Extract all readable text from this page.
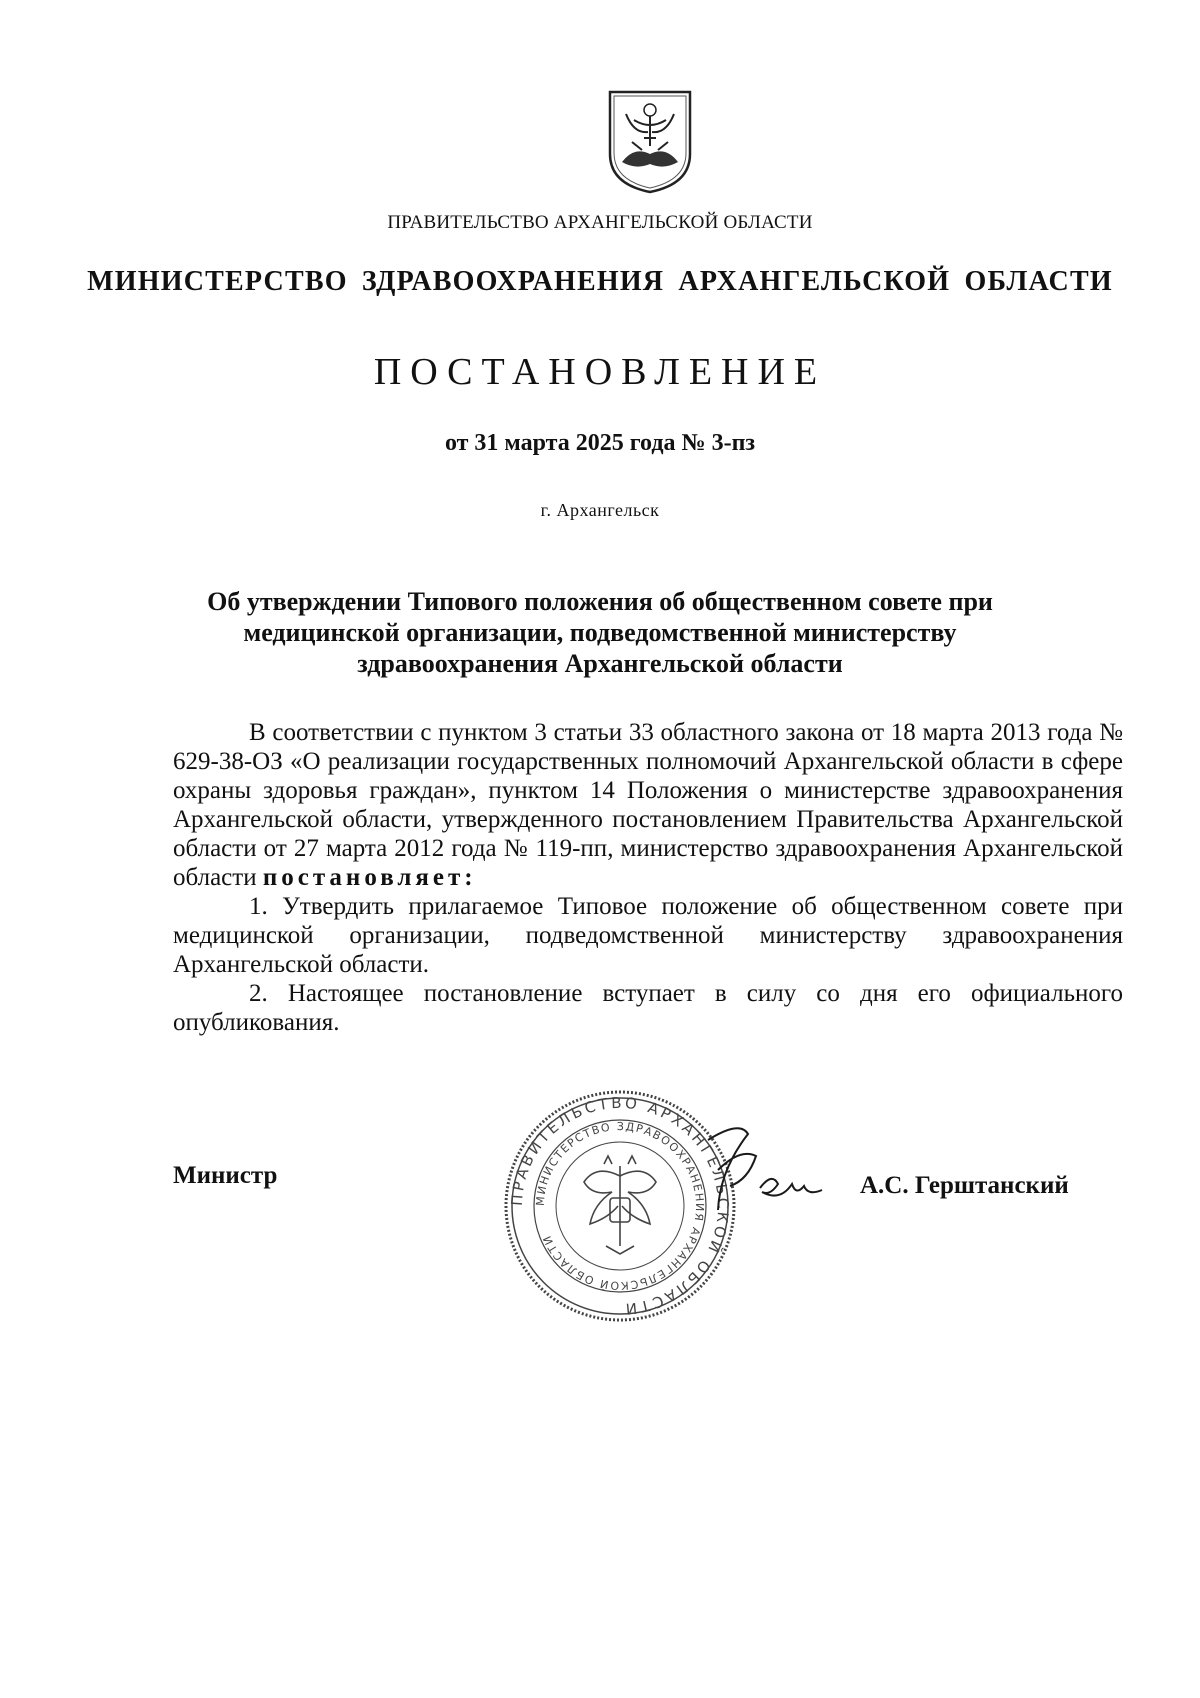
ПРАВИТЕЛЬСТВО АРХАНГЕЛЬСКОЙ ОБЛАСТИ
МИНИСТЕРСТВО ЗДРАВООХРАНЕНИЯ АРХАНГЕЛЬСКОЙ ОБЛАСТИ
ПОСТАНОВЛЕНИЕ
от 31 марта 2025 года № 3-пз
г. Архангельск
Об утверждении Типового положения об общественном совете при медицинской организации, подведомственной министерству здравоохранения Архангельской области

В соответствии с пунктом 3 статьи 33 областного закона от 18 марта 2013 года № 629-38-ОЗ «О реализации государственных полномочий Архангельской области в сфере охраны здоровья граждан», пунктом 14 Положения о министерстве здравоохранения Архангельской области, утвержденного постановлением Правительства Архангельской области от 27 марта 2012 года № 119-пп, министерство здравоохранения Архангельской области постановляет:

1. Утвердить прилагаемое Типовое положение об общественном совете при медицинской организации, подведомственной министерству здравоохранения Архангельской области.

2. Настоящее постановление вступает в силу со дня его официального опубликования.

Министр
ПРАВИТЕЛЬСТВО АРХАНГЕЛЬСКОЙ ОБЛАСТИ
МИНИСТЕРСТВО ЗДРАВООХРАНЕНИЯ АРХАНГЕЛЬСКОЙ ОБЛАСТИ
А.С. Герштанский
